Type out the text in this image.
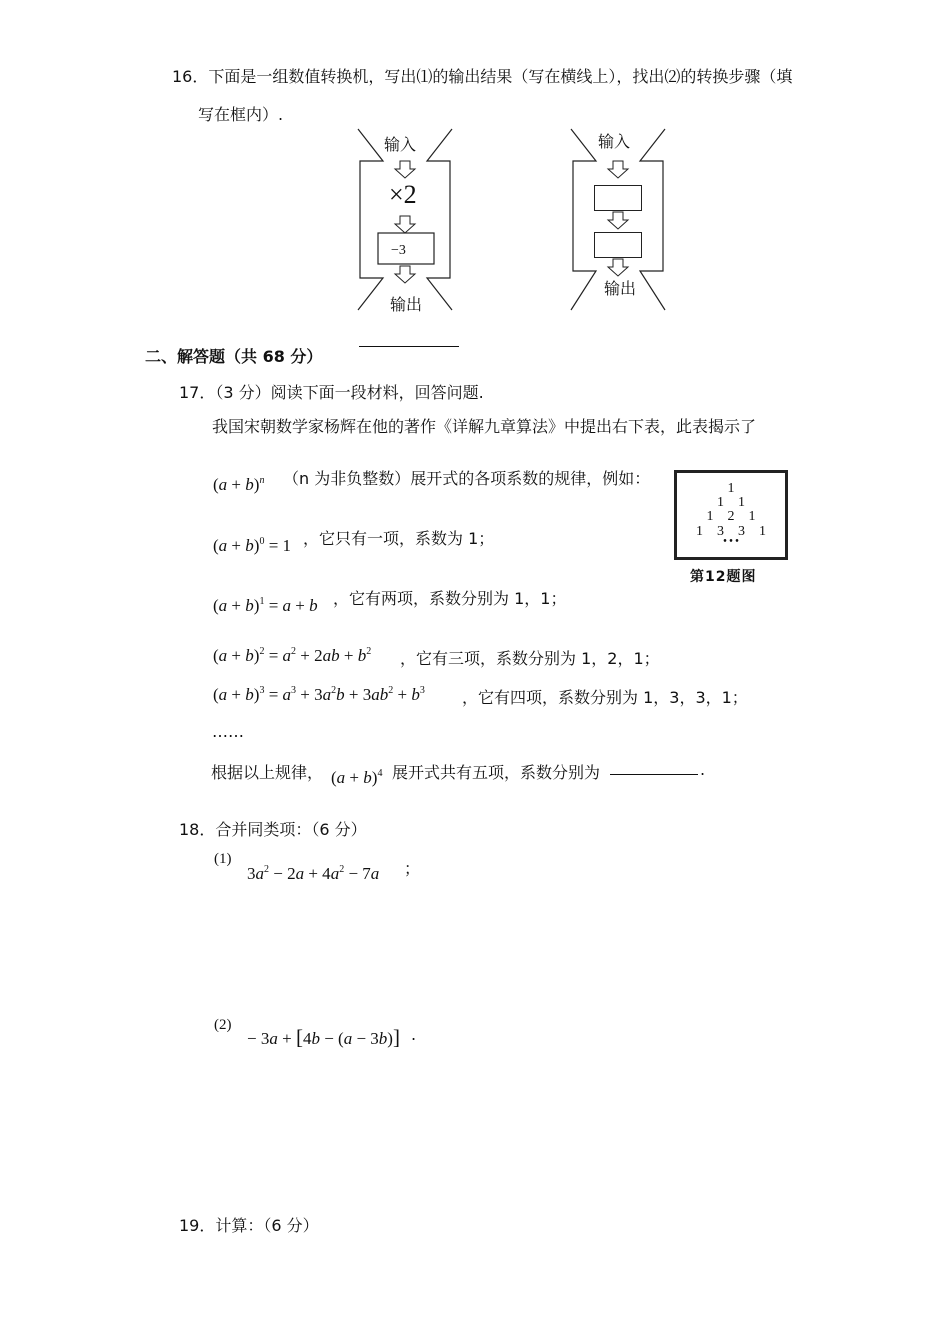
16．下面是一组数值转换机，写出⑴的输出结果（写在横线上），找出⑵的转换步骤（填
写在框内）.
输入
×2
−3
输出
输入
输出
二、解答题（共 68 分）
17．（3 分）阅读下面一段材料，回答问题.
我国宋朝数学家杨辉在他的著作《详解九章算法》中提出右下表，此表揭示了
$(a + b)^n$ （n 为非负整数）展开式的各项系数的规律，例如：
$(a + b)^0 = 1$ ，它只有一项，系数为 1；
$(a + b)^1 = a + b$ ，它有两项，系数分别为 1，1；
$(a + b)^2 = a^2 + 2ab + b^2$ ，它有三项，系数分别为 1，2，1；
$(a + b)^3 = a^3 + 3a^2b + 3ab^2 + b^3$ ，它有四项，系数分别为 1，3，3，1；
……
根据以上规律， $(a + b)^4$ 展开式共有五项，系数分别为	.
1
1    1
1    2    1
1    3    3    1
• • •
第12题图
18．合并同类项：（6 分）
(1)
$3a^2 - 2a + 4a^2 - 7a$ ；
(2)
− 3a + [4b − (a − 3b)] .
19．计算：（6 分）
